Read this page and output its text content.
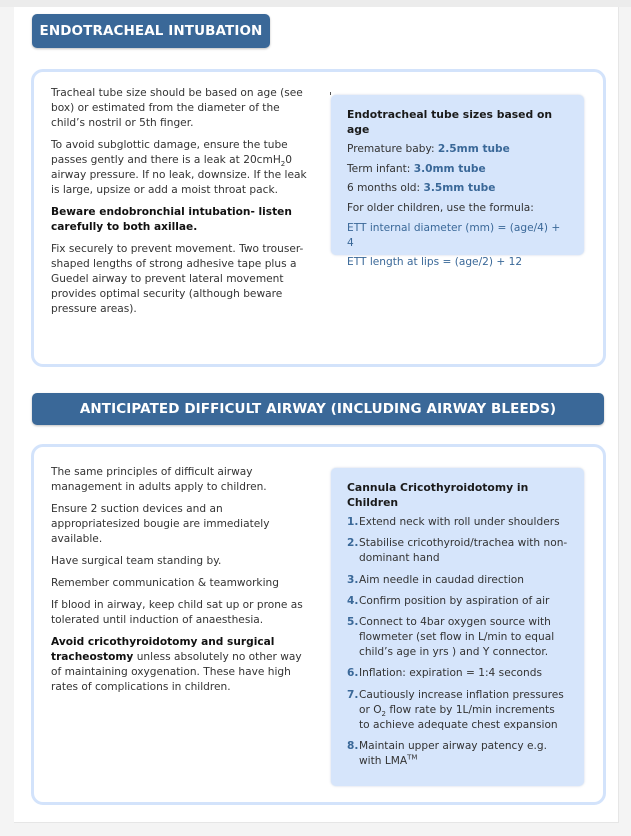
ENDOTRACHEAL INTUBATION

Tracheal tube size should be based on age (see box) or estimated from the diameter of the child’s nostril or 5th finger.

To avoid subglottic damage, ensure the tube passes gently and there is a leak at 20cmH$_2$0 airway pressure. If no leak, downsize. If the leak is large, upsize or add a moist throat pack.

Beware endobronchial intubation- listen carefully to both axillae.

Fix securely to prevent movement. Two trouser-shaped lengths of strong adhesive tape plus a Guedel airway to prevent lateral movement provides optimal security (although beware pressure areas).

Endotracheal tube sizes based on age
Premature baby: 2.5mm tube
Term infant: 3.0mm tube
6 months old: 3.5mm tube
For older children, use the formula:
ETT internal diameter (mm) = (age/4) + 4
ETT length at lips = (age/2) + 12
ANTICIPATED DIFFICULT AIRWAY (INCLUDING AIRWAY BLEEDS)

The same principles of difficult airway management in adults apply to children.

Ensure 2 suction devices and an appropriatesized bougie are immediately available.

Have surgical team standing by.

Remember communication & teamworking

If blood in airway, keep child sat up or prone as tolerated until induction of anaesthesia.

Avoid cricothyroidotomy and surgical tracheostomy unless absolutely no other way of maintaining oxygenation. These have high rates of complications in children.

Cannula Cricothyroidotomy in Children
1. Extend neck with roll under shoulders
2. Stabilise cricothyroid/trachea with non-dominant hand
3. Aim needle in caudad direction
4. Confirm position by aspiration of air
5. Connect to 4bar oxygen source with flowmeter (set flow in L/min to equal child’s age in yrs ) and Y connector.
6. Inflation: expiration = 1:4 seconds
7. Cautiously increase inflation pressures or $O_2$ flow rate by 1L/min increments to achieve adequate chest expansion
8. Maintain upper airway patency e.g. with LMA™
